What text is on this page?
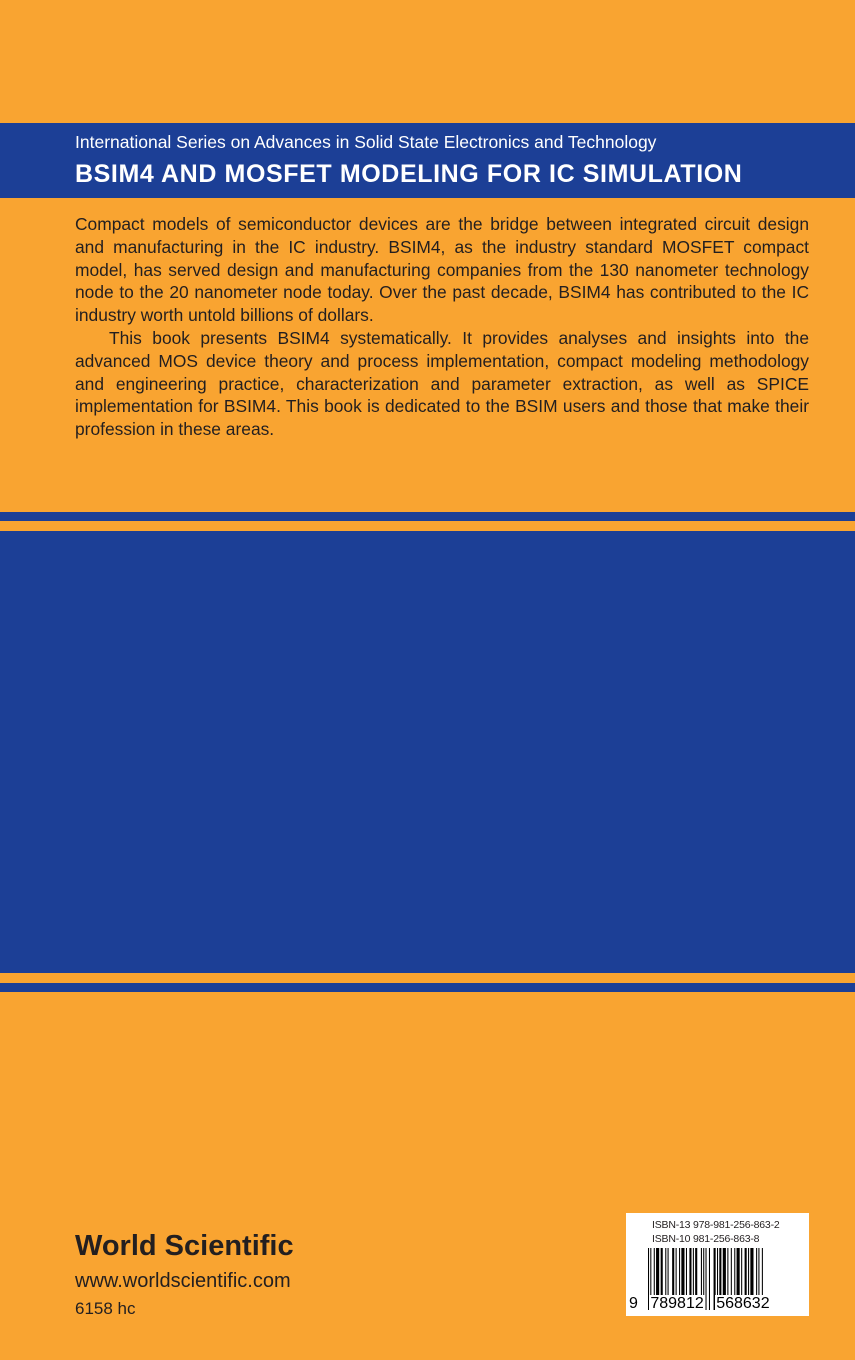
International Series on Advances in Solid State Electronics and Technology
BSIM4 AND MOSFET MODELING FOR IC SIMULATION

Compact models of semiconductor devices are the bridge between integrated circuit design and manufacturing in the IC industry. BSIM4, as the industry standard MOSFET compact model, has served design and manufacturing companies from the 130 nanometer technology node to the 20 nanometer node today. Over the past decade, BSIM4 has contributed to the IC industry worth untold billions of dollars.

This book presents BSIM4 systematically. It provides analyses and insights into the advanced MOS device theory and process implementation, compact modeling methodology and engineering practice, characterization and parameter extraction, as well as SPICE implementation for BSIM4. This book is dedicated to the BSIM users and those that make their profession in these areas.

World Scientific
www.worldscientific.com
6158 hc
ISBN-13 978-981-256-863-2
ISBN-10 981-256-863-8
9 789812 568632
